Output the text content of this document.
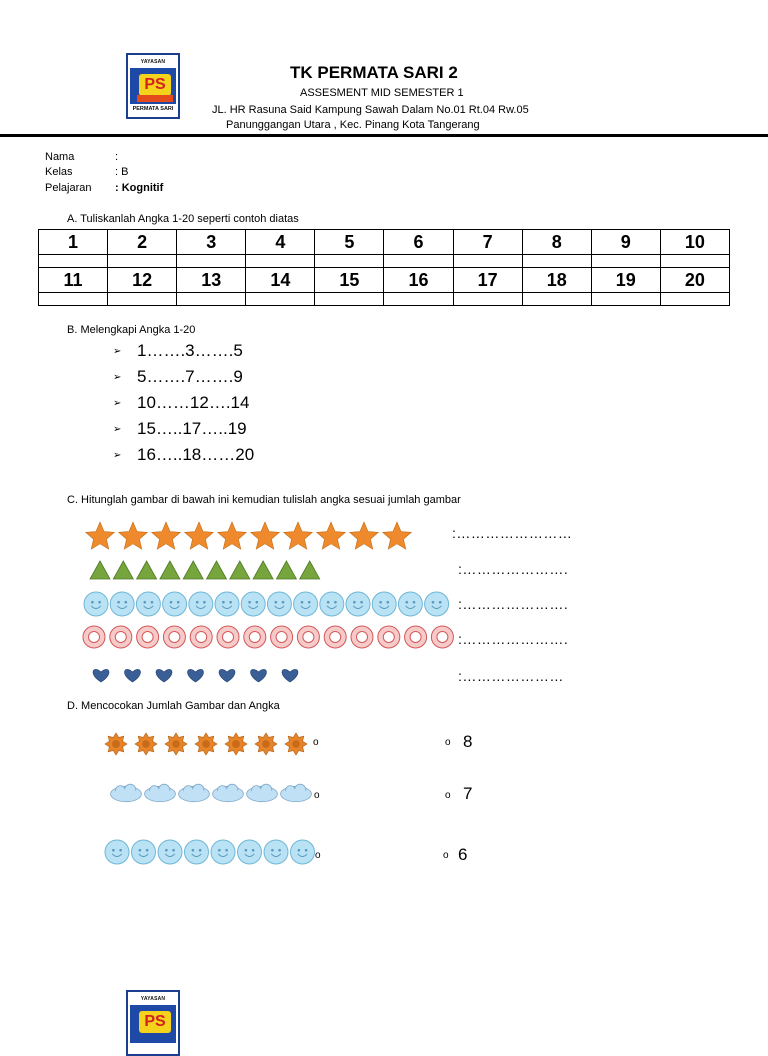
YAYASAN
PS
PERMATA SARI
TK PERMATA SARI 2
ASSESMENT MID SEMESTER 1
JL. HR Rasuna Said Kampung Sawah Dalam No.01 Rt.04 Rw.05
Panunggangan Utara , Kec. Pinang Kota Tangerang
Nama	:
Kelas	: B
Pelajaran : Kognitif
A. Tuliskanlah Angka 1-20 seperti contoh diatas
1	2	3	4	5	6	7	8	9	10

11	12	13	14	15	16	17	18	19	20

B. Melengkapi Angka 1-20
➢ 1…….3…….5
➢ 5…….7…….9
➢ 10……12….14
➢ 15…..17…..19
➢ 16…..18……20
C. Hitunglah gambar di bawah ini kemudian tulislah angka sesuai jumlah gambar
:……………………
:………………….
:………………….
:………………….
:…………………
D. Mencocokan Jumlah Gambar dan Angka
o
o
o
o
o
o
8
7
6
YAYASAN
PS
